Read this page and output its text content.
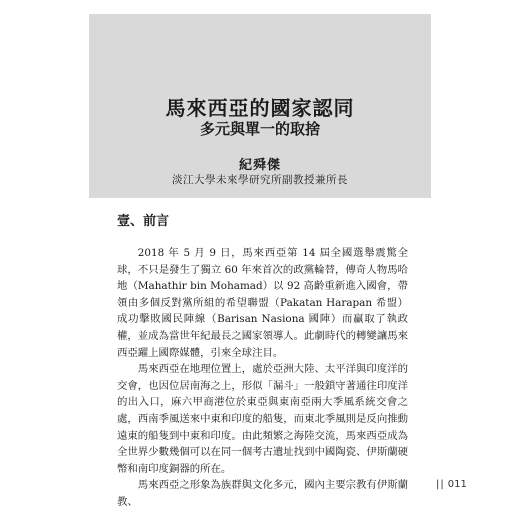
馬來西亞的國家認同
多元與單一的取捨
紀舜傑
淡江大學未來學研究所副教授兼所長
壹、前言

2018 年 5 月 9 日，馬來西亞第 14 屆全國選舉震驚全球，不只是發生了獨立 60 年來首次的政黨輪替，傳奇人物馬哈地（Mahathir bin Mohamad）以 92 高齡重新進入國會，帶領由多個反對黨所組的希望聯盟（Pakatan Harapan 希盟）成功擊敗國民陣線（Barisan Nasiona 國陣）而贏取了執政權，並成為當世年紀最長之國家領導人。此劇時代的轉變讓馬來西亞躍上國際媒體，引來全球注目。

馬來西亞在地理位置上，處於亞洲大陸、太平洋與印度洋的交會，也因位居南海之上，形似「漏斗」一般鎖守著通往印度洋的出入口，麻六甲商港位於東亞與東南亞兩大季風系統交會之處，西南季風送來中東和印度的船隻，而東北季風則是反向推動遠東的船隻到中東和印度。由此頻繁之海陸交流，馬來西亞成為全世界少數幾個可以在同一個考古遺址找到中國陶瓷、伊斯蘭硬幣和南印度銅器的所在。

馬來西亞之形象為族群與文化多元，國內主要宗教有伊斯蘭教、

|| 011
